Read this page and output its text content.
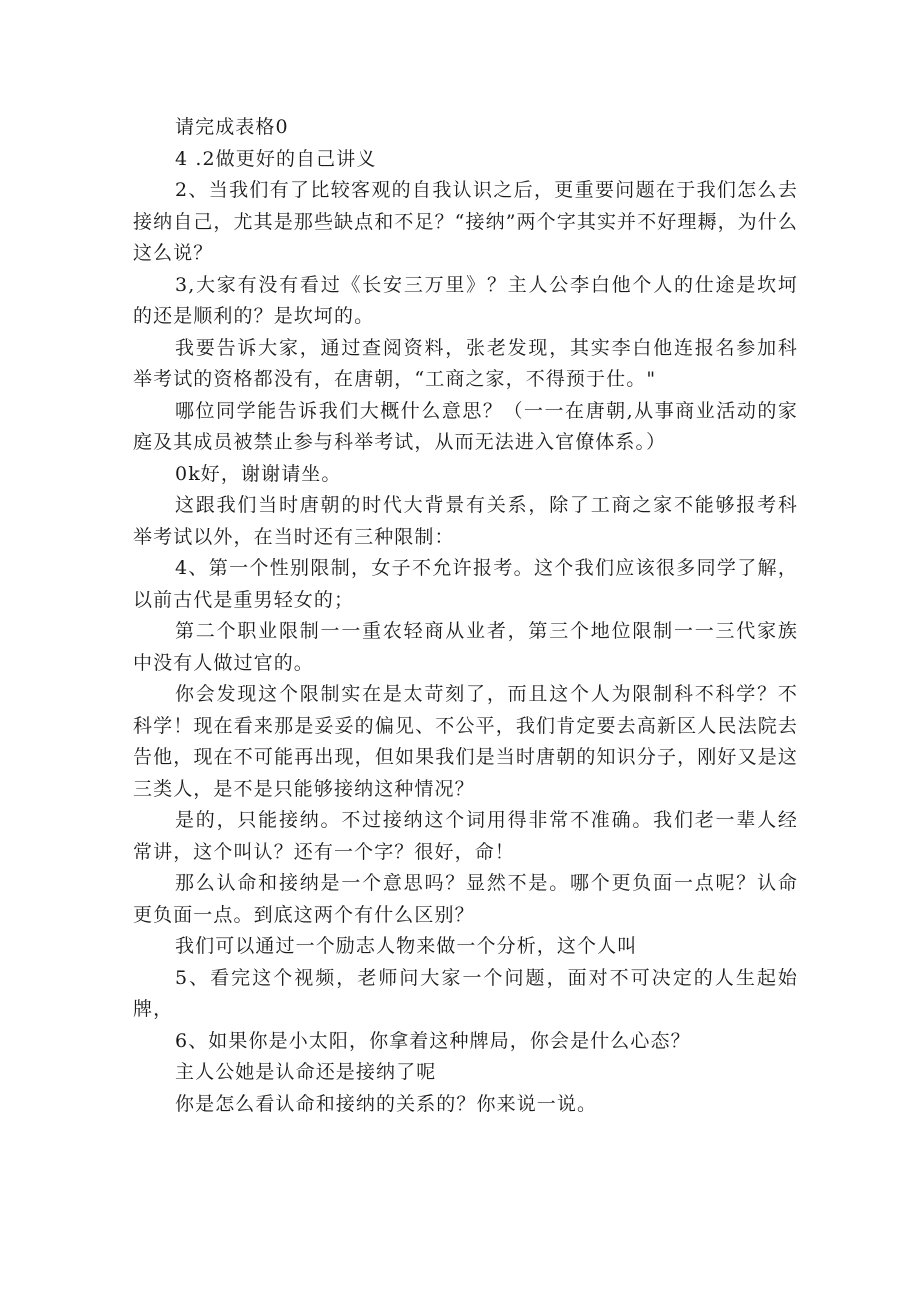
请完成表格0

4 .2做更好的自己讲义

2、当我们有了比较客观的自我认识之后，更重要问题在于我们怎么去接纳自己，尤其是那些缺点和不足？“接纳”两个字其实并不好理耨，为什么这么说？

3,大家有没有看过《长安三万里》？主人公李白他个人的仕途是坎坷的还是顺利的？是坎坷的。

我要告诉大家，通过查阅资料，张老发现，其实李白他连报名参加科举考试的资格都没有，在唐朝，“工商之家，不得预于仕。"

哪位同学能告诉我们大概什么意思？（一一在唐朝,从事商业活动的家庭及其成员被禁止参与科举考试，从而无法进入官僚体系。）

0k好，谢谢请坐。

这跟我们当时唐朝的时代大背景有关系，除了工商之家不能够报考科举考试以外，在当时还有三种限制：

4、第一个性别限制，女子不允许报考。这个我们应该很多同学了解，以前古代是重男轻女的；

第二个职业限制一一重农轻商从业者，第三个地位限制一一三代家族中没有人做过官的。

你会发现这个限制实在是太苛刻了，而且这个人为限制科不科学？不科学！现在看来那是妥妥的偏见、不公平，我们肯定要去高新区人民法院去告他，现在不可能再出现，但如果我们是当时唐朝的知识分子，刚好又是这三类人，是不是只能够接纳这种情况？

是的，只能接纳。不过接纳这个词用得非常不准确。我们老一辈人经常讲，这个叫认？还有一个字？很好，命！

那么认命和接纳是一个意思吗？显然不是。哪个更负面一点呢？认命更负面一点。到底这两个有什么区别？

我们可以通过一个励志人物来做一个分析，这个人叫

5、看完这个视频，老师问大家一个问题，面对不可决定的人生起始牌，

6、如果你是小太阳，你拿着这种牌局，你会是什么心态？

主人公她是认命还是接纳了呢

你是怎么看认命和接纳的关系的？你来说一说。
